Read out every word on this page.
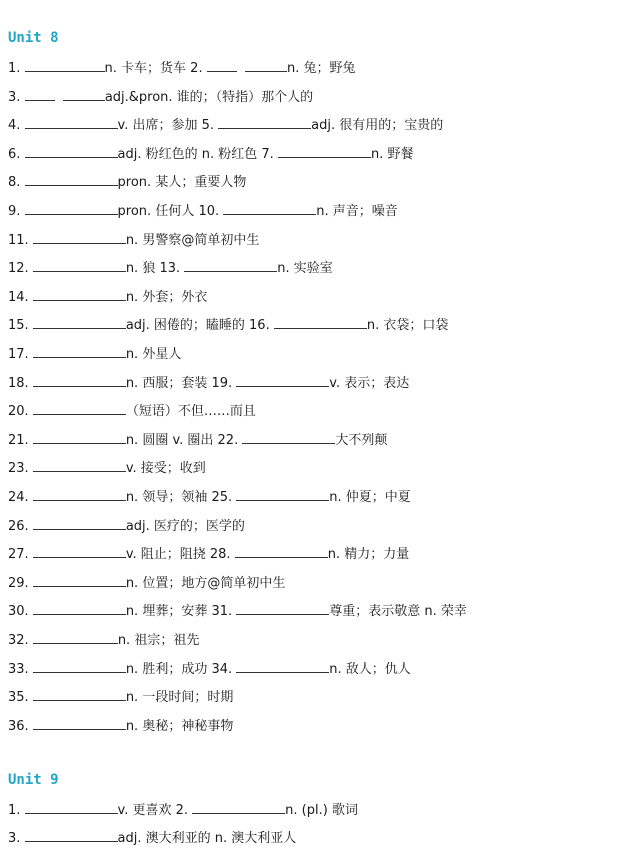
Unit 8
1.	n. 卡车；货车 2.	n. 兔；野兔
3.	adj.&pron. 谁的；（特指）那个人的
4.	v. 出席；参加 5.	adj. 很有用的；宝贵的
6.	adj. 粉红色的 n. 粉红色 7.	n. 野餐
8.	pron. 某人；重要人物
9.	pron. 任何人 10.	n. 声音；噪音
11.	n. 男警察@简单初中生
12.	n. 狼 13.	n. 实验室
14.	n. 外套；外衣
15.	adj. 困倦的；瞌睡的 16.	n. 衣袋；口袋
17.	n. 外星人
18.	n. 西服；套装 19.	v. 表示；表达
20.	（短语）不但……而且
21.	n. 圆圈 v. 圈出 22.	大不列颠
23.	v. 接受；收到
24.	n. 领导；领袖 25.	n. 仲夏；中夏
26.	adj. 医疗的；医学的
27.	v. 阻止；阻挠 28.	n. 精力；力量
29.	n. 位置；地方@简单初中生
30.	n. 埋葬；安葬 31.	尊重；表示敬意 n. 荣幸
32.	n. 祖宗；祖先
33.	n. 胜利；成功 34.	n. 敌人；仇人
35.	n. 一段时间；时期
36.	n. 奥秘；神秘事物
Unit 9
1.	v. 更喜欢 2.	n. (pl.) 歌词
3.	adj. 澳大利亚的 n. 澳大利亚人
